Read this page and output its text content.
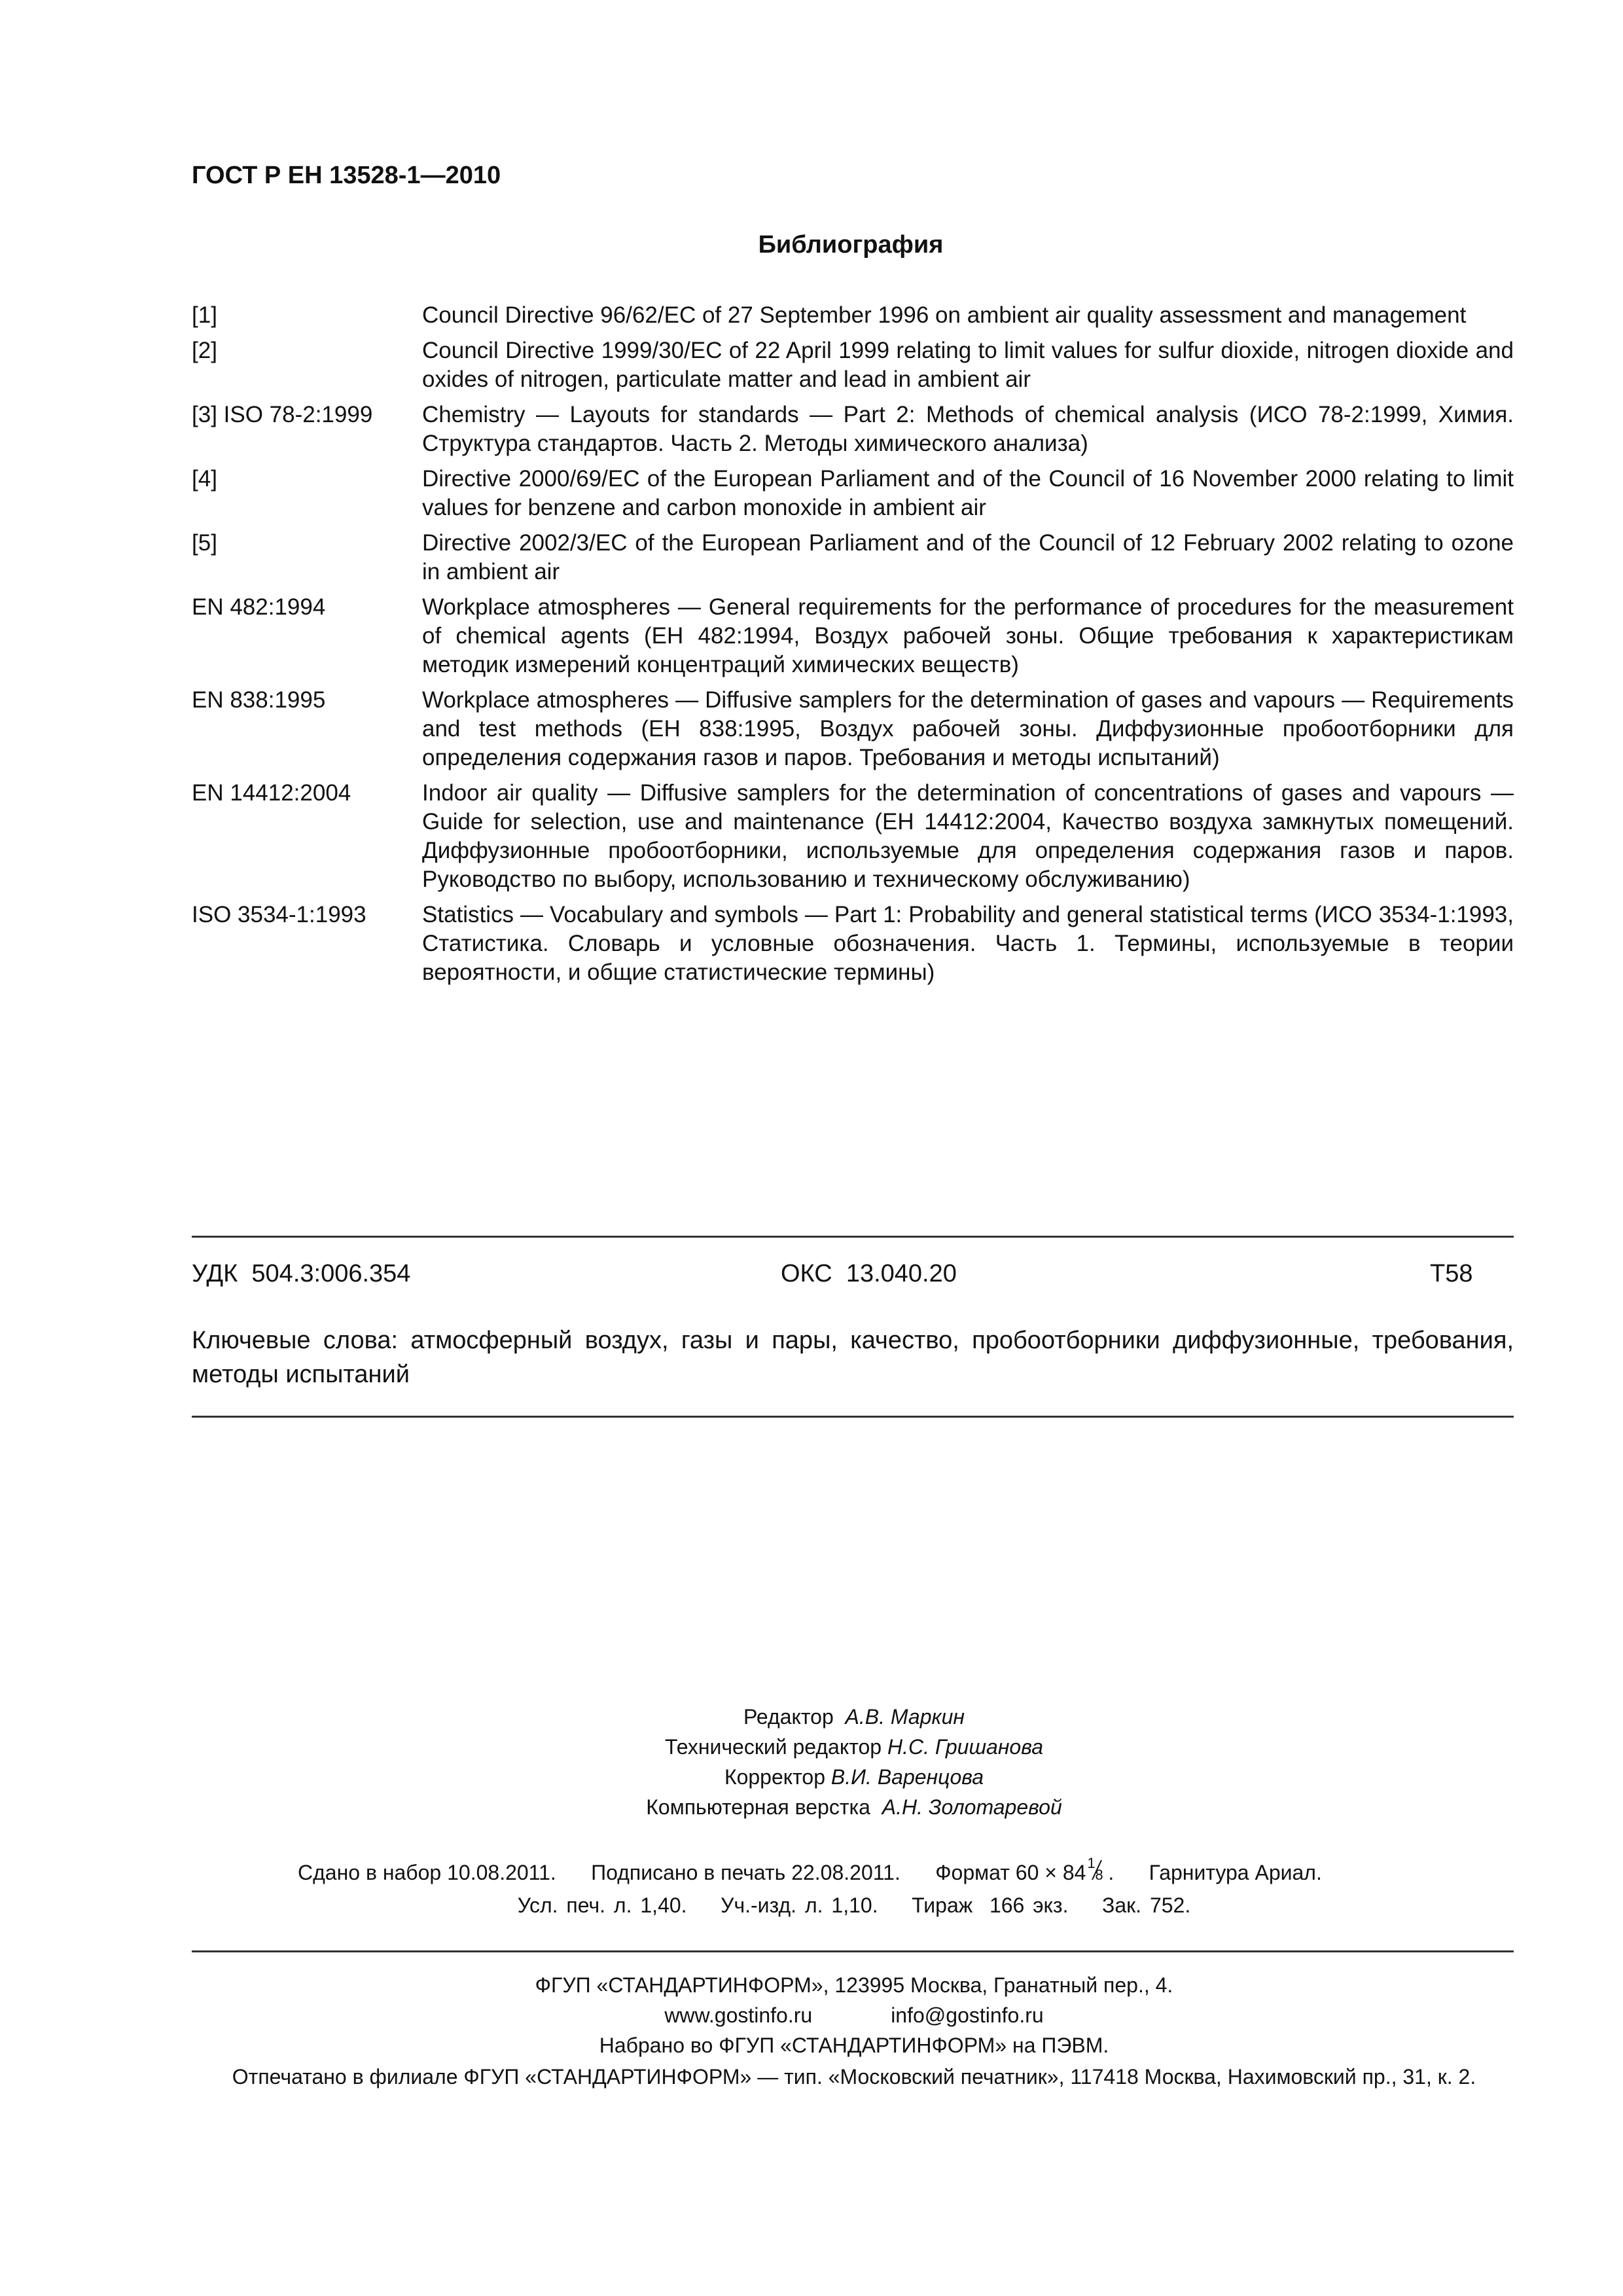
ГОСТ Р ЕН 13528-1—2010
Библиография
[1]	Council Directive 96/62/EC of 27 September 1996 on ambient air quality assessment and management
[2]	Council Directive 1999/30/EC of 22 April 1999 relating to limit values for sulfur dioxide, nitrogen dioxide and oxides of nitrogen, particulate matter and lead in ambient air
[3] ISO 78-2:1999	Chemistry — Layouts for standards — Part 2: Methods of chemical analysis (ИСО 78-2:1999, Химия. Структура стандартов. Часть 2. Методы химического анализа)
[4]	Directive 2000/69/EC of the European Parliament and of the Council of 16 November 2000 relating to limit values for benzene and carbon monoxide in ambient air
[5]	Directive 2002/3/EC of the European Parliament and of the Council of 12 February 2002 relating to ozone in ambient air
EN 482:1994	Workplace atmospheres — General requirements for the performance of procedures for the measurement of chemical agents (ЕН 482:1994, Воздух рабочей зоны. Общие требования к характеристикам методик измерений концентраций химических веществ)
EN 838:1995	Workplace atmospheres — Diffusive samplers for the determination of gases and vapours — Requirements and test methods (ЕН 838:1995, Воздух рабочей зоны. Диффузионные пробоотборники для определения содержания газов и паров. Требования и методы испытаний)
EN 14412:2004	Indoor air quality — Diffusive samplers for the determination of concentrations of gases and vapours — Guide for selection, use and maintenance (ЕН 14412:2004, Качество воздуха замкнутых помещений. Диффузионные пробоотборники, используемые для определения содержания газов и паров. Руководство по выбору, использованию и техническому обслуживанию)
ISO 3534-1:1993	Statistics — Vocabulary and symbols — Part 1: Probability and general statistical terms (ИСО 3534-1:1993, Статистика. Словарь и условные обозначения. Часть 1. Термины, используемые в теории вероятности, и общие статистические термины)
УДК  504.3:006.354	ОКС  13.040.20	Т58
Ключевые слова: атмосферный воздух, газы и пары, качество, пробоотборники диффузионные, требования, методы испытаний
Редактор А.В. Маркин
Технический редактор Н.С. Гришанова
Корректор В.И. Варенцова
Компьютерная верстка А.Н. Золотаревой
Сдано в набор 10.08.2011. Подписано в печать 22.08.2011. Формат 60 × 84 1
8 .      Гарнитура Ариал.
Усл. печ. л. 1,40.    Уч.-изд. л. 1,10.    Тираж  166 экз.    Зак. 752.
ФГУП «СТАНДАРТИНФОРМ», 123995 Москва, Гранатный пер., 4.
www.gostinfo.ru	info@gostinfo.ru
Набрано во ФГУП «СТАНДАРТИНФОРМ» на ПЭВМ.
Отпечатано в филиале ФГУП «СТАНДАРТИНФОРМ» — тип. «Московский печатник», 117418 Москва, Нахимовский пр., 31, к. 2.
